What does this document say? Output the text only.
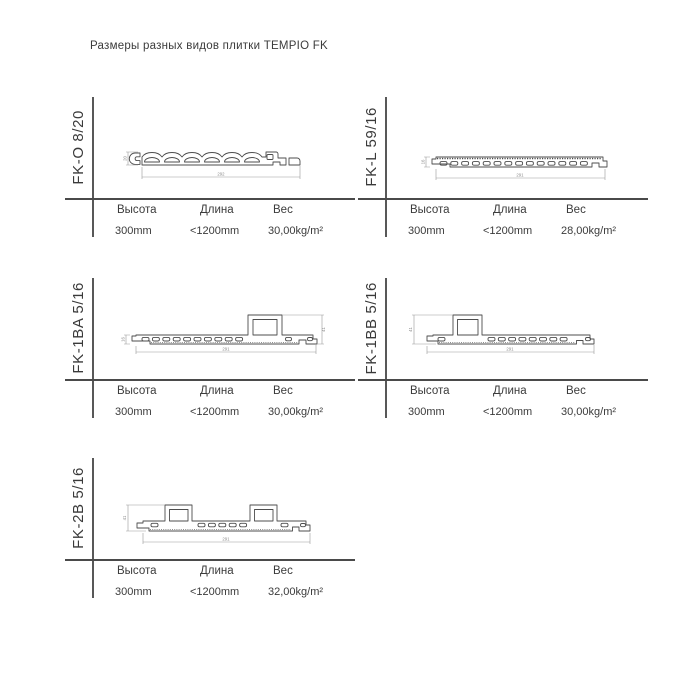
Размеры разных видов плитки TEMPIO FK
FK-O 8/20	292
20
Высота	Длина	Вес
300mm	<1200mm	30,00kg/m²
FK-L 59/16	291
16
Высота	Длина	Вес
300mm	<1200mm	28,00kg/m²
FK-1BA 5/16	291
41
16
Высота	Длина	Вес
300mm	<1200mm	30,00kg/m²
FK-1BB 5/16	291
41
Высота	Длина	Вес
300mm	<1200mm	30,00kg/m²
FK-2B 5/16	291
41
Высота	Длина	Вес
300mm	<1200mm	32,00kg/m²
